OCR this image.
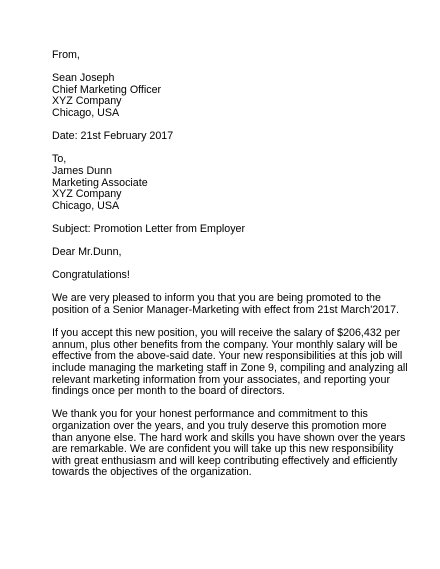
From,
Sean Joseph
Chief Marketing Officer
XYZ Company
Chicago, USA
Date: 21st February 2017
To,
James Dunn
Marketing Associate
XYZ Company
Chicago, USA
Subject: Promotion Letter from Employer
Dear Mr.Dunn,
Congratulations!
We are very pleased to inform you that you are being promoted to the
position of a Senior Manager-Marketing with effect from 21st March'2017.
If you accept this new position, you will receive the salary of $206,432 per
annum, plus other benefits from the company. Your monthly salary will be
effective from the above-said date. Your new responsibilities at this job will
include managing the marketing staff in Zone 9, compiling and analyzing all
relevant marketing information from your associates, and reporting your
findings once per month to the board of directors.
We thank you for your honest performance and commitment to this
organization over the years, and you truly deserve this promotion more
than anyone else. The hard work and skills you have shown over the years
are remarkable. We are confident you will take up this new responsibility
with great enthusiasm and will keep contributing effectively and efficiently
towards the objectives of the organization.
